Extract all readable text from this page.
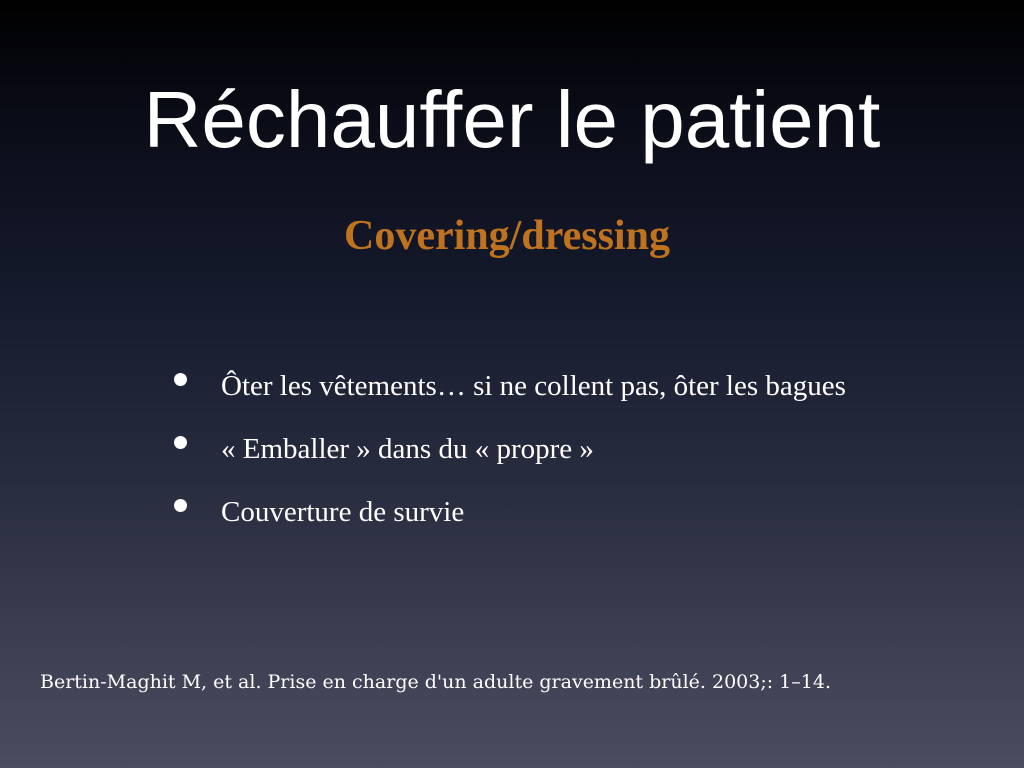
Réchauffer le patient
Covering/dressing
Ôter les vêtements… si ne collent pas, ôter les bagues
« Emballer » dans du « propre »
Couverture de survie

Bertin-Maghit M, et al. Prise en charge d'un adulte gravement brûlé. 2003;: 1–14.
